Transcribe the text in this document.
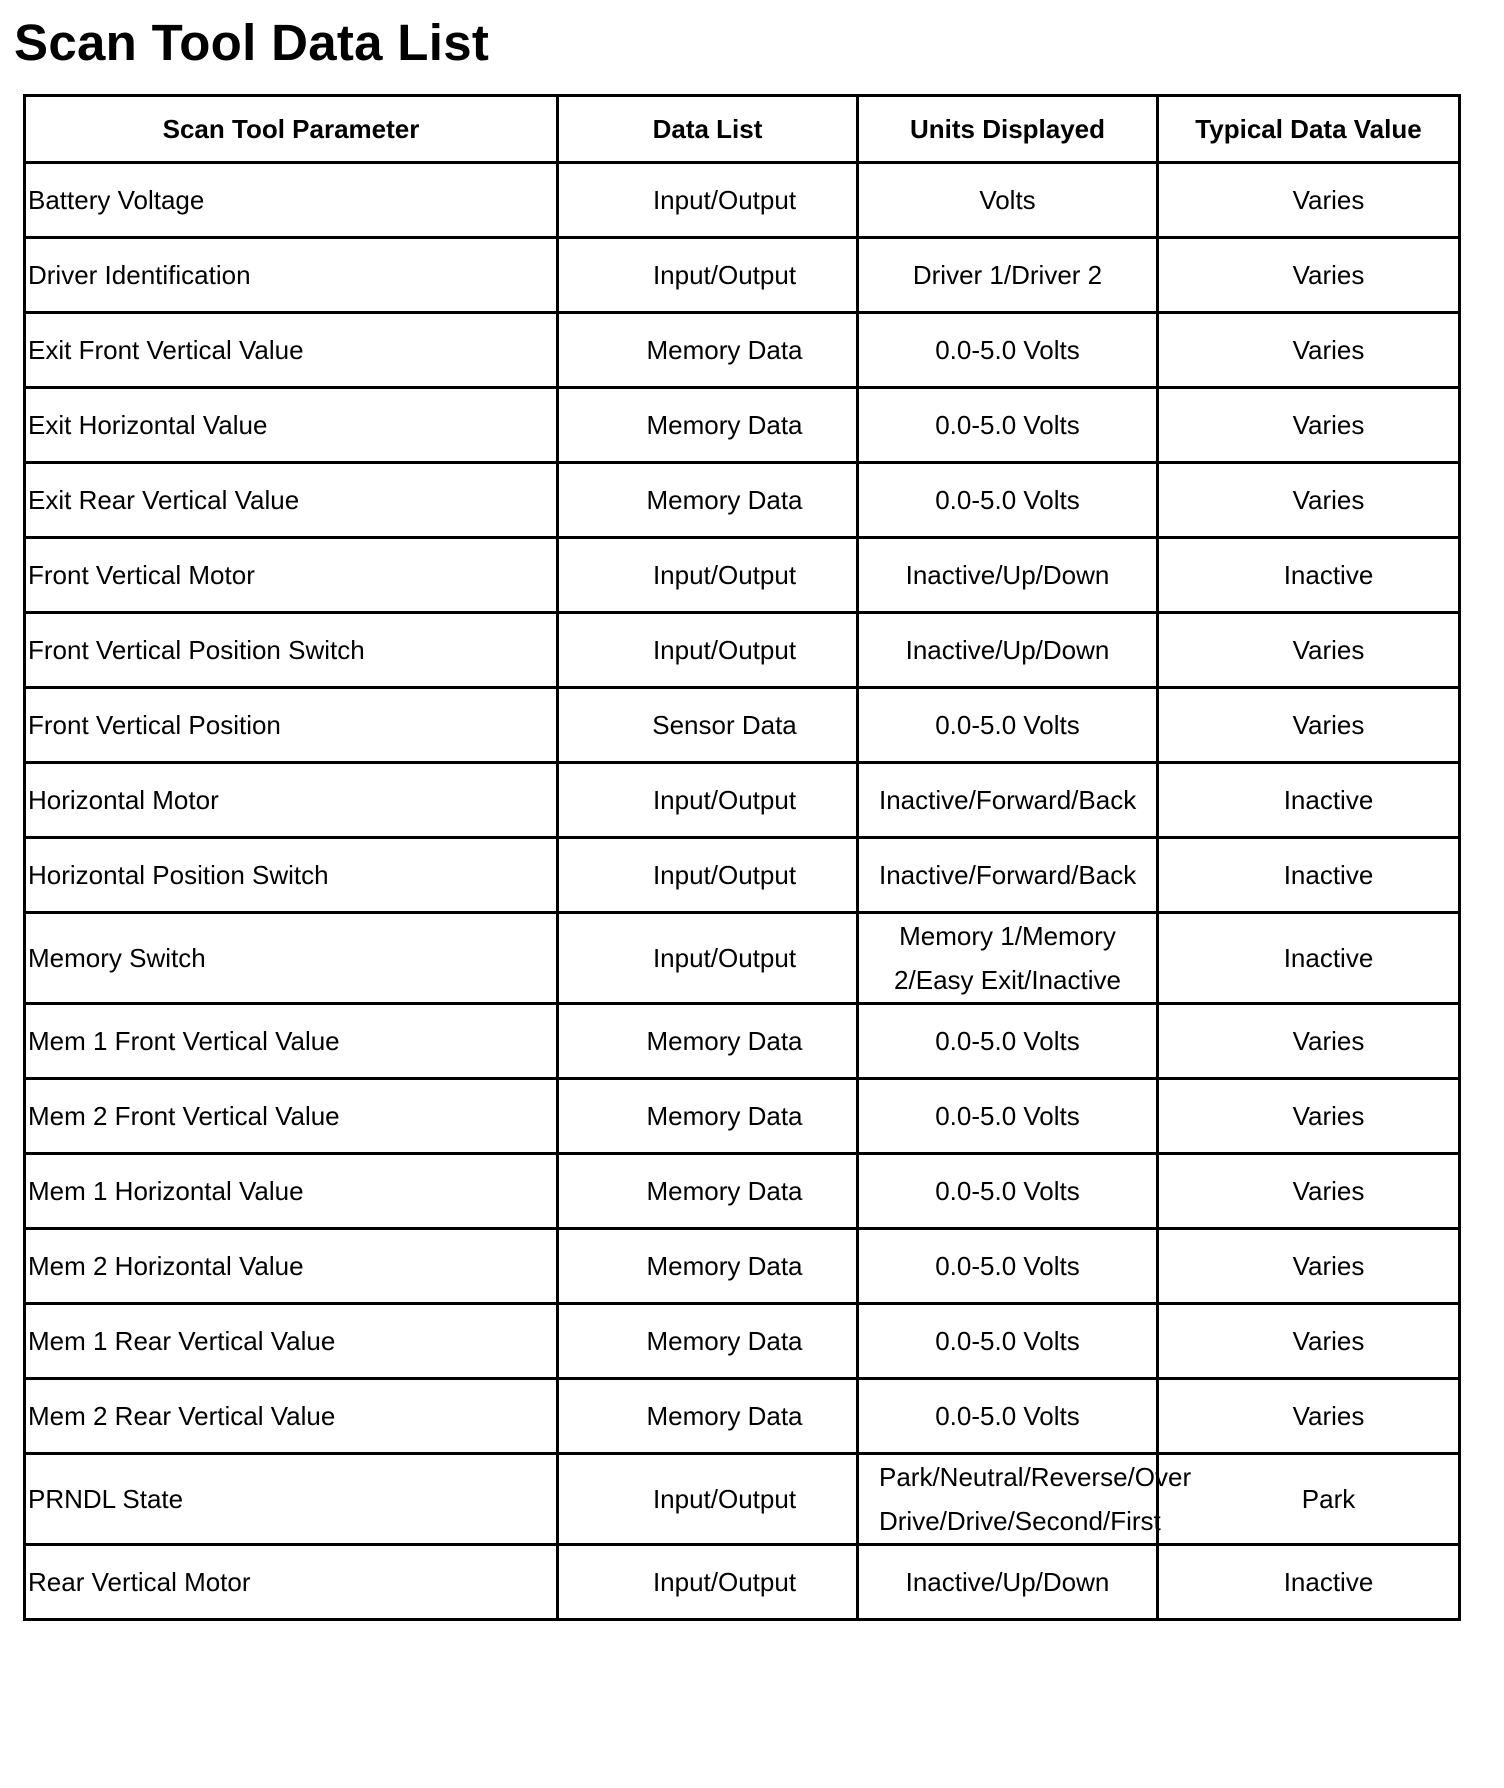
Scan Tool Data List
Scan Tool Parameter	Data List	Units Displayed	Typical Data Value
Battery Voltage	Input/Output	Volts	Varies
Driver Identification	Input/Output	Driver 1/Driver 2	Varies
Exit Front Vertical Value	Memory Data	0.0-5.0 Volts	Varies
Exit Horizontal Value	Memory Data	0.0-5.0 Volts	Varies
Exit Rear Vertical Value	Memory Data	0.0-5.0 Volts	Varies
Front Vertical Motor	Input/Output	Inactive/Up/Down	Inactive
Front Vertical Position Switch	Input/Output	Inactive/Up/Down	Varies
Front Vertical Position	Sensor Data	0.0-5.0 Volts	Varies
Horizontal Motor	Input/Output	Inactive/Forward/Back	Inactive
Horizontal Position Switch	Input/Output	Inactive/Forward/Back	Inactive
Memory Switch	Input/Output	Memory 1/Memory 2/Easy Exit/Inactive	Inactive
Mem 1 Front Vertical Value	Memory Data	0.0-5.0 Volts	Varies
Mem 2 Front Vertical Value	Memory Data	0.0-5.0 Volts	Varies
Mem 1 Horizontal Value	Memory Data	0.0-5.0 Volts	Varies
Mem 2 Horizontal Value	Memory Data	0.0-5.0 Volts	Varies
Mem 1 Rear Vertical Value	Memory Data	0.0-5.0 Volts	Varies
Mem 2 Rear Vertical Value	Memory Data	0.0-5.0 Volts	Varies
PRNDL State	Input/Output	Park/Neutral/Reverse/Over Drive/Drive/Second/First	Park
Rear Vertical Motor	Input/Output	Inactive/Up/Down	Inactive
